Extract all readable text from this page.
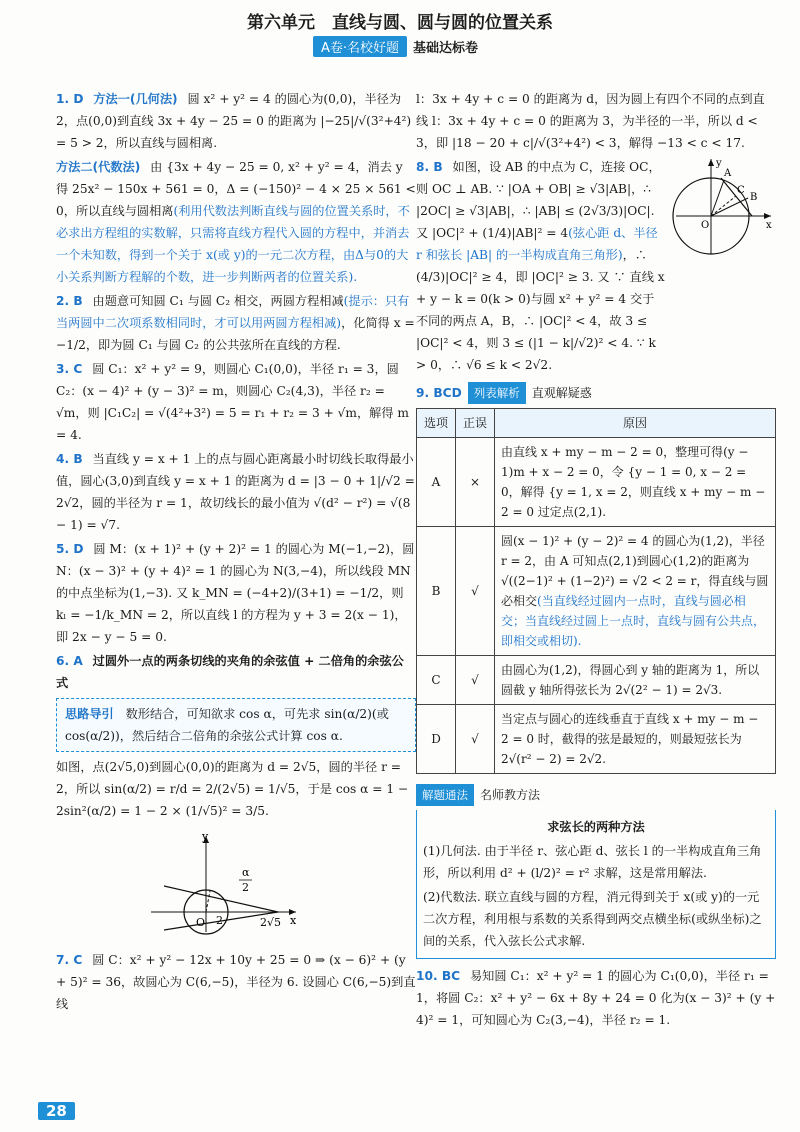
第六单元　直线与圆、圆与圆的位置关系
A卷·名校好题	基础达标卷

1. D 方法一(几何法) 圆 x² + y² = 4 的圆心为(0,0)，半径为2，点(0,0)到直线 3x + 4y − 25 = 0 的距离为 |−25|/√(3²+4²) = 5 > 2，所以直线与圆相离.

方法二(代数法) 由 {3x + 4y − 25 = 0, x² + y² = 4，消去 y 得 25x² − 150x + 561 = 0，Δ = (−150)² − 4 × 25 × 561 < 0，所以直线与圆相离(利用代数法判断直线与圆的位置关系时，不必求出方程组的实数解，只需将直线方程代入圆的方程中，并消去一个未知数，得到一个关于 x(或 y)的一元二次方程，由Δ与0的大小关系判断方程解的个数，进一步判断两者的位置关系).

2. B 由题意可知圆 C₁ 与圆 C₂ 相交，两圆方程相减(提示：只有当两圆中二次项系数相同时，才可以用两圆方程相减)，化简得 x = −1/2，即为圆 C₁ 与圆 C₂ 的公共弦所在直线的方程.

3. C 圆 C₁：x² + y² = 9，则圆心 C₁(0,0)，半径 r₁ = 3，圆 C₂：(x − 4)² + (y − 3)² = m，则圆心 C₂(4,3)，半径 r₂ = √m，则 |C₁C₂| = √(4²+3²) = 5 = r₁ + r₂ = 3 + √m，解得 m = 4.

4. B 当直线 y = x + 1 上的点与圆心距离最小时切线长取得最小值，圆心(3,0)到直线 y = x + 1 的距离为 d = |3 − 0 + 1|/√2 = 2√2，圆的半径为 r = 1，故切线长的最小值为 √(d² − r²) = √(8 − 1) = √7.

5. D 圆 M：(x + 1)² + (y + 2)² = 1 的圆心为 M(−1,−2)，圆 N：(x − 3)² + (y + 4)² = 1 的圆心为 N(3,−4)，所以线段 MN 的中点坐标为(1,−3). 又 k_MN = (−4+2)/(3+1) = −1/2，则 kₗ = −1/k_MN = 2，所以直线 l 的方程为 y + 3 = 2(x − 1)，即 2x − y − 5 = 0.

6. A 过圆外一点的两条切线的夹角的余弦值 + 二倍角的余弦公式

思路导引 数形结合，可知欲求 cos α，可先求 sin(α/2)(或 cos(α/2))，然后结合二倍角的余弦公式计算 cos α.

如图，点(2√5,0)到圆心(0,0)的距离为 d = 2√5，圆的半径 r = 2，所以 sin(α/2) = r/d = 2/(2√5) = 1/√5，于是 cos α = 1 − 2sin²(α/2) = 1 − 2 × (1/√5)² = 3/5.

y
x
O 2	2√5
α
2

7. C 圆 C：x² + y² − 12x + 10y + 25 = 0 ⇒ (x − 6)² + (y + 5)² = 36，故圆心为 C(6,−5)，半径为 6. 设圆心 C(6,−5)到直线

l：3x + 4y + c = 0 的距离为 d，因为圆上有四个不同的点到直线 l：3x + 4y + c = 0 的距离为 3，为半径的一半，所以 d < 3，即 |18 − 20 + c|/√(3²+4²) < 3，解得 −13 < c < 17.

8. B 如图，设 AB 的中点为 C，连接 OC，则 OC ⊥ AB. ∵ |OA + OB| ≥ √3|AB|，∴ |2OC| ≥ √3|AB|，∴ |AB| ≤ (2√3/3)|OC|. 又 |OC|² + (1/4)|AB|² = 4(弦心距 d、半径 r 和弦长 |AB| 的一半构成直角三角形)，∴ (4/3)|OC|² ≥ 4，即 |OC|² ≥ 3. 又 ∵ 直线 x + y − k = 0(k > 0)与圆 x² + y² = 4 交于不同的两点 A，B，∴ |OC|² < 4，故 3 ≤ |OC|² < 4，则 3 ≤ (|1 − k|/√2)² < 4. ∵ k > 0，∴ √6 ≤ k < 2√2.

A
B
C
O	x
y
9. BCD	列表解析	直观解疑惑
选项	正误	原因
A	×	由直线 x + my − m − 2 = 0，整理可得(y − 1)m + x − 2 = 0，令 {y − 1 = 0, x − 2 = 0，解得 {y = 1, x = 2，则直线 x + my − m − 2 = 0 过定点(2,1).
B	√	圆(x − 1)² + (y − 2)² = 4 的圆心为(1,2)，半径 r = 2，由 A 可知点(2,1)到圆心(1,2)的距离为 √((2−1)² + (1−2)²) = √2 < 2 = r，得直线与圆必相交(当直线经过圆内一点时，直线与圆必相交；当直线经过圆上一点时，直线与圆有公共点，即相交或相切).
C	√	由圆心为(1,2)，得圆心到 y 轴的距离为 1，所以圆截 y 轴所得弦长为 2√(2² − 1) = 2√3.
D	√	当定点与圆心的连线垂直于直线 x + my − m − 2 = 0 时，截得的弦是最短的，则最短弦长为 2√(r² − 2) = 2√2.
解题通法	名师教方法
求弦长的两种方法

(1)几何法. 由于半径 r、弦心距 d、弦长 l 的一半构成直角三角形，所以利用 d² + (l/2)² = r² 求解，这是常用解法.

(2)代数法. 联立直线与圆的方程，消元得到关于 x(或 y)的一元二次方程，利用根与系数的关系得到两交点横坐标(或纵坐标)之间的关系，代入弦长公式求解.

10. BC 易知圆 C₁：x² + y² = 1 的圆心为 C₁(0,0)，半径 r₁ = 1，将圆 C₂：x² + y² − 6x + 8y + 24 = 0 化为(x − 3)² + (y + 4)² = 1，可知圆心为 C₂(3,−4)，半径 r₂ = 1.

28
